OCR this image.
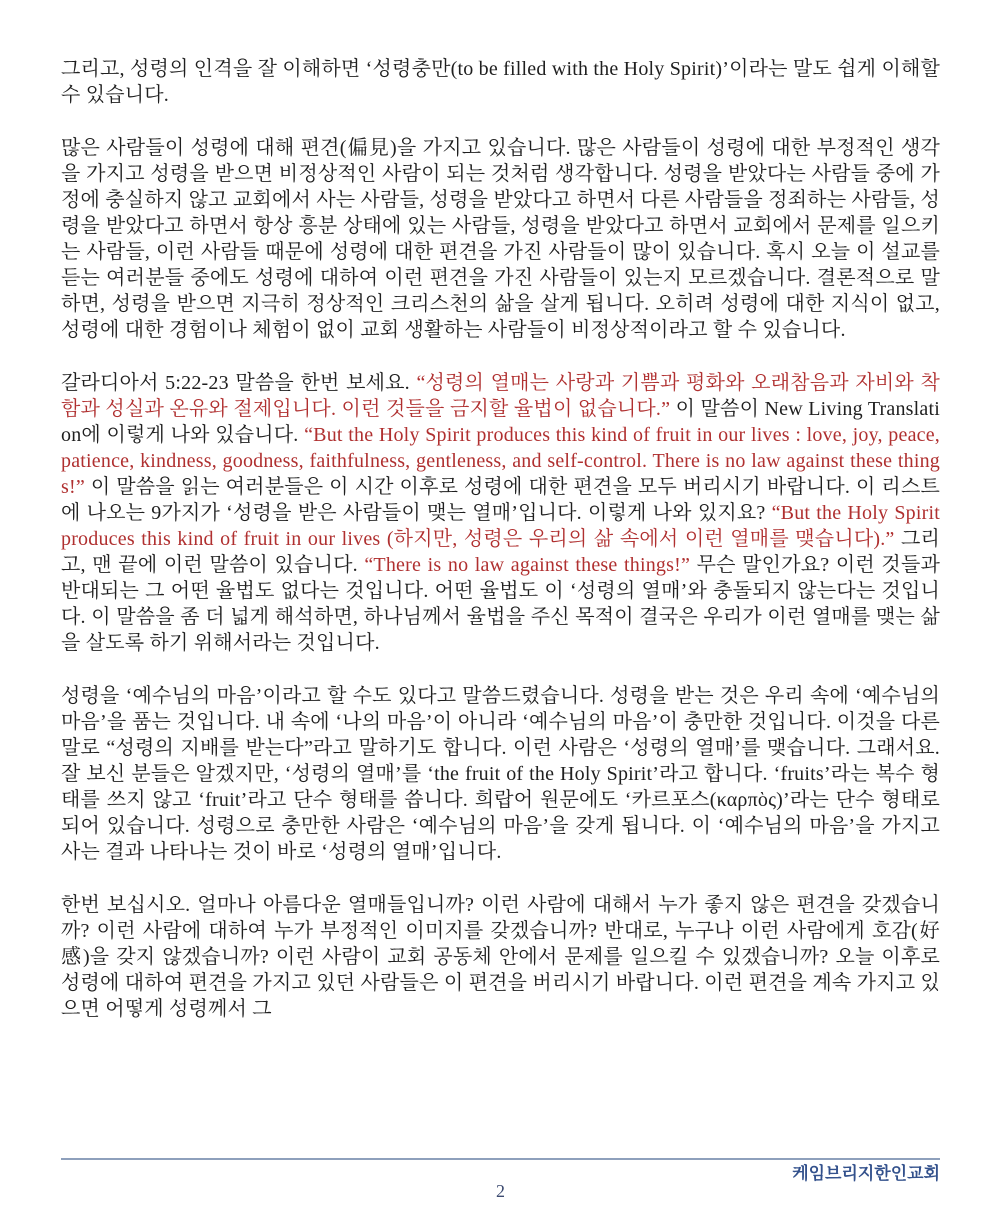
그리고, 성령의 인격을 잘 이해하면 ‘성령충만(to be filled with the Holy Spirit)’이라는 말도 쉽게 이해할 수 있습니다.

많은 사람들이 성령에 대해 편견(偏見)을 가지고 있습니다. 많은 사람들이 성령에 대한 부정적인 생각을 가지고 성령을 받으면 비정상적인 사람이 되는 것처럼 생각합니다. 성령을 받았다는 사람들 중에 가정에 충실하지 않고 교회에서 사는 사람들, 성령을 받았다고 하면서 다른 사람들을 정죄하는 사람들, 성령을 받았다고 하면서 항상 흥분 상태에 있는 사람들, 성령을 받았다고 하면서 교회에서 문제를 일으키는 사람들, 이런 사람들 때문에 성령에 대한 편견을 가진 사람들이 많이 있습니다. 혹시 오늘 이 설교를 듣는 여러분들 중에도 성령에 대하여 이런 편견을 가진 사람들이 있는지 모르겠습니다. 결론적으로 말하면, 성령을 받으면 지극히 정상적인 크리스천의 삶을 살게 됩니다. 오히려 성령에 대한 지식이 없고, 성령에 대한 경험이나 체험이 없이 교회 생활하는 사람들이 비정상적이라고 할 수 있습니다.

갈라디아서 5:22-23 말씀을 한번 보세요. “성령의 열매는 사랑과 기쁨과 평화와 오래참음과 자비와 착함과 성실과 온유와 절제입니다. 이런 것들을 금지할 율법이 없습니다.” 이 말씀이 New Living Translation에 이렇게 나와 있습니다. “But the Holy Spirit produces this kind of fruit in our lives : love, joy, peace, patience, kindness, goodness, faithfulness, gentleness, and self-control. There is no law against these things!” 이 말씀을 읽는 여러분들은 이 시간 이후로 성령에 대한 편견을 모두 버리시기 바랍니다. 이 리스트에 나오는 9가지가 ‘성령을 받은 사람들이 맺는 열매’입니다. 이렇게 나와 있지요? “But the Holy Spirit produces this kind of fruit in our lives (하지만, 성령은 우리의 삶 속에서 이런 열매를 맺습니다).” 그리고, 맨 끝에 이런 말씀이 있습니다. “There is no law against these things!” 무슨 말인가요? 이런 것들과 반대되는 그 어떤 율법도 없다는 것입니다. 어떤 율법도 이 ‘성령의 열매’와 충돌되지 않는다는 것입니다. 이 말씀을 좀 더 넓게 해석하면, 하나님께서 율법을 주신 목적이 결국은 우리가 이런 열매를 맺는 삶을 살도록 하기 위해서라는 것입니다.

성령을 ‘예수님의 마음’이라고 할 수도 있다고 말씀드렸습니다. 성령을 받는 것은 우리 속에 ‘예수님의 마음’을 품는 것입니다. 내 속에 ‘나의 마음’이 아니라 ‘예수님의 마음’이 충만한 것입니다. 이것을 다른 말로 “성령의 지배를 받는다”라고 말하기도 합니다. 이런 사람은 ‘성령의 열매’를 맺습니다. 그래서요. 잘 보신 분들은 알겠지만, ‘성령의 열매’를 ‘the fruit of the Holy Spirit’라고 합니다. ‘fruits’라는 복수 형태를 쓰지 않고 ‘fruit’라고 단수 형태를 씁니다. 희랍어 원문에도 ‘카르포스(καρπὸς)’라는 단수 형태로 되어 있습니다. 성령으로 충만한 사람은 ‘예수님의 마음’을 갖게 됩니다. 이 ‘예수님의 마음’을 가지고 사는 결과 나타나는 것이 바로 ‘성령의 열매’입니다.

한번 보십시오. 얼마나 아름다운 열매들입니까? 이런 사람에 대해서 누가 좋지 않은 편견을 갖겠습니까? 이런 사람에 대하여 누가 부정적인 이미지를 갖겠습니까? 반대로, 누구나 이런 사람에게 호감(好感)을 갖지 않겠습니까? 이런 사람이 교회 공동체 안에서 문제를 일으킬 수 있겠습니까? 오늘 이후로 성령에 대하여 편견을 가지고 있던 사람들은 이 편견을 버리시기 바랍니다. 이런 편견을 계속 가지고 있으면 어떻게 성령께서 그

케임브리지한인교회
2
